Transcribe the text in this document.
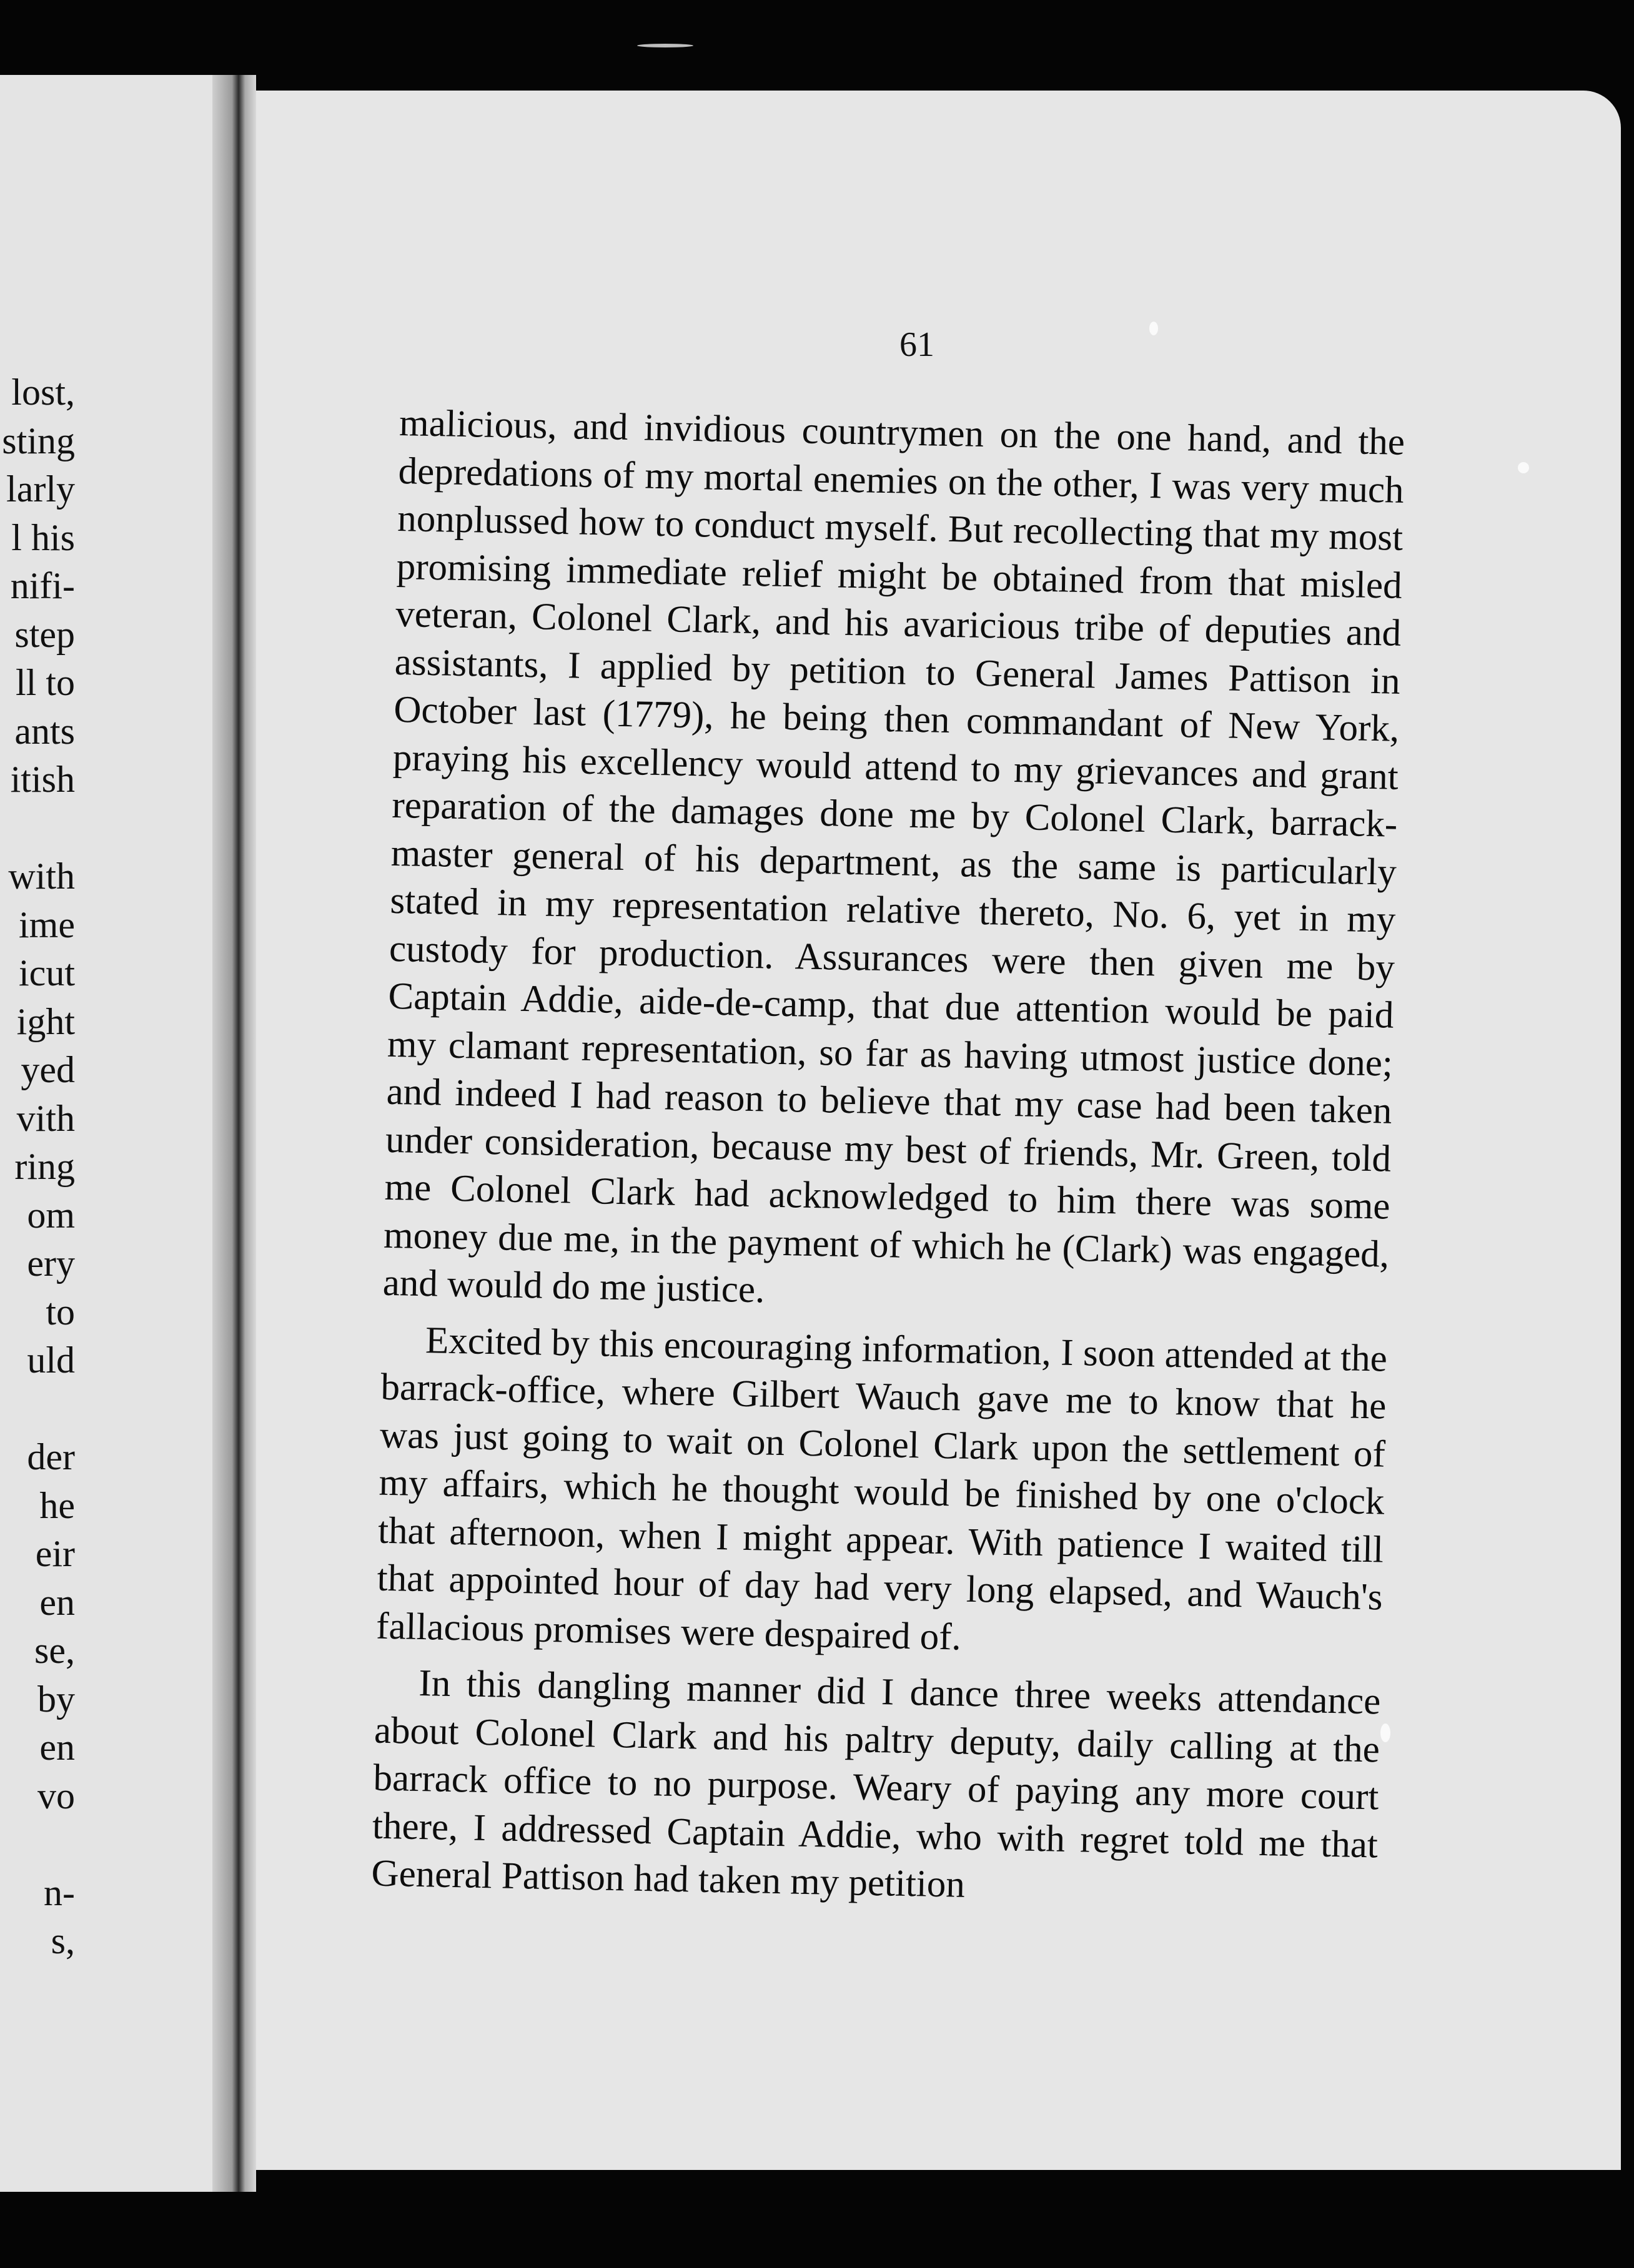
lost,
sting
larly
l his
nifi-
step
ll to
ants
itish
with
ime
icut
ight
yed
vith
ring
om
ery
to
uld
der
he
eir
en
se,
by
en
vo
n-
s,
61

malicious, and invidious countrymen on the one hand, and the depredations of my mortal enemies on the other, I was very much nonplussed how to conduct myself. But recollecting that my most promising immediate relief might be obtained from that misled veteran, Colonel Clark, and his avaricious tribe of deputies and assistants, I applied by petition to General James Pattison in October last (1779), he being then commandant of New York, praying his excellency would attend to my grievances and grant reparation of the damages done me by Colonel Clark, barrack-master general of his department, as the same is particularly stated in my representation relative thereto, No. 6, yet in my custody for production. Assurances were then given me by Captain Addie, aide-de-camp, that due attention would be paid my clamant representation, so far as having utmost justice done; and indeed I had reason to believe that my case had been taken under consideration, because my best of friends, Mr. Green, told me Colonel Clark had acknowledged to him there was some money due me, in the payment of which he (Clark) was engaged, and would do me justice.

Excited by this encouraging information, I soon attended at the barrack-office, where Gilbert Wauch gave me to know that he was just going to wait on Colonel Clark upon the settlement of my affairs, which he thought would be finished by one o'clock that afternoon, when I might appear. With patience I waited till that appointed hour of day had very long elapsed, and Wauch's fallacious promises were despaired of.

In this dangling manner did I dance three weeks attendance about Colonel Clark and his paltry deputy, daily calling at the barrack office to no purpose. Weary of paying any more court there, I addressed Captain Addie, who with regret told me that General Pattison had taken my petition
